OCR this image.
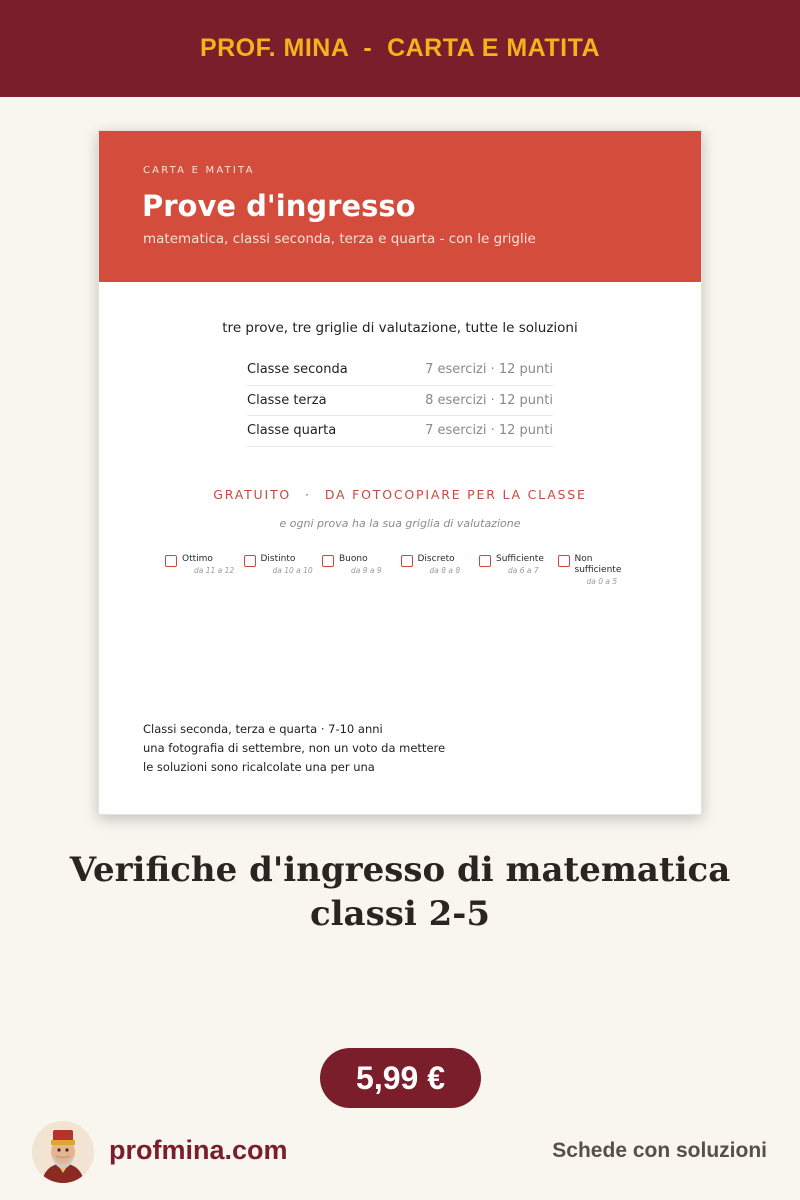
PROF. MINA  -  CARTA E MATITA
CARTA E MATITA
Prove d'ingresso
matematica, classi seconda, terza e quarta - con le griglie
tre prove, tre griglie di valutazione, tutte le soluzioni
Classe seconda	7 esercizi · 12 punti
Classe terza	8 esercizi · 12 punti
Classe quarta	7 esercizi · 12 punti
GRATUITO · DA FOTOCOPIARE PER LA CLASSE
e ogni prova ha la sua griglia di valutazione
Ottimo
da 11 a 12
Distinto
da 10 a 10
Buono
da 9 a 9
Discreto
da 8 a 8
Sufficiente
da 6 a 7
Non sufficiente
da 0 a 5
Classi seconda, terza e quarta · 7-10 anni
una fotografia di settembre, non un voto da mettere
le soluzioni sono ricalcolate una per una
Verifiche d'ingresso di matematica
classi 2-5
5,99 €
profmina.com	Schede con soluzioni
